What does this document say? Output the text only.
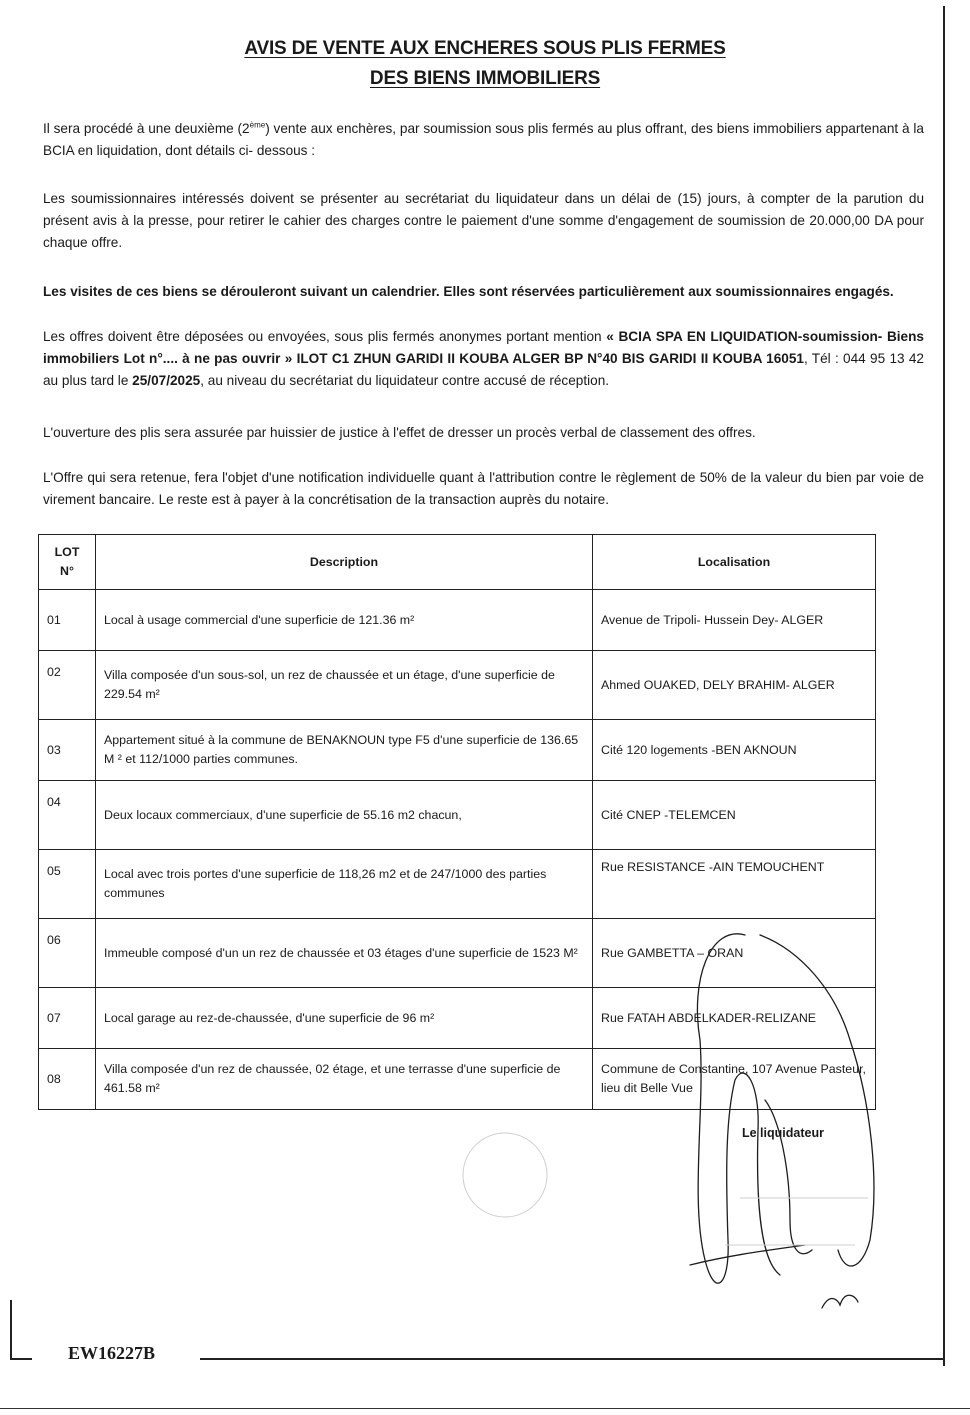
AVIS DE VENTE AUX ENCHERES SOUS PLIS FERMES
DES BIENS IMMOBILIERS
Il sera procédé à une deuxième (2ème) vente aux enchères, par soumission sous plis fermés au plus offrant, des biens immobiliers appartenant à la BCIA en liquidation, dont détails ci- dessous :
Les soumissionnaires intéressés doivent se présenter au secrétariat du liquidateur dans un délai de (15) jours, à compter de la parution du présent avis à la presse, pour retirer le cahier des charges contre le paiement d'une somme d'engagement de soumission de 20.000,00 DA pour chaque offre.
Les visites de ces biens se dérouleront suivant un calendrier. Elles sont réservées particulièrement aux soumissionnaires engagés.
Les offres doivent être déposées ou envoyées, sous plis fermés anonymes portant mention « BCIA SPA EN LIQUIDATION-soumission- Biens immobiliers Lot n°.... à ne pas ouvrir » ILOT C1 ZHUN GARIDI II KOUBA ALGER BP N°40 BIS GARIDI II KOUBA 16051, Tél : 044 95 13 42 au plus tard le 25/07/2025, au niveau du secrétariat du liquidateur contre accusé de réception.
L'ouverture des plis sera assurée par huissier de justice à l'effet de dresser un procès verbal de classement des offres.
L'Offre qui sera retenue, fera l'objet d'une notification individuelle quant à l'attribution contre le règlement de 50% de la valeur du bien par voie de virement bancaire. Le reste est à payer à la concrétisation de la transaction auprès du notaire.
LOT
N°	Description	Localisation
01	Local à usage commercial d'une superficie de 121.36 m²	Avenue de Tripoli- Hussein Dey- ALGER
02	Villa composée d'un sous-sol, un rez de chaussée et un étage, d'une superficie de 229.54 m²	Ahmed OUAKED, DELY BRAHIM- ALGER
03	Appartement situé à la commune de BENAKNOUN type F5 d'une superficie de 136.65 M ² et 112/1000 parties communes.	Cité 120 logements -BEN AKNOUN
04	Deux locaux commerciaux, d'une superficie de 55.16 m2 chacun,	Cité CNEP -TELEMCEN
05	Local avec trois portes d'une superficie de 118,26 m2 et de 247/1000 des parties communes	Rue RESISTANCE -AIN TEMOUCHENT
06	Immeuble composé d'un un rez de chaussée et 03 étages d'une superficie de 1523 M²	Rue GAMBETTA – ORAN
07	Local garage au rez-de-chaussée, d'une superficie de 96 m²	Rue FATAH ABDELKADER-RELIZANE
08	Villa composée d'un rez de chaussée, 02 étage, et une terrasse d'une superficie de 461.58 m²	Commune de Constantine, 107 Avenue Pasteur, lieu dit Belle Vue
Le liquidateur
EW16227B
